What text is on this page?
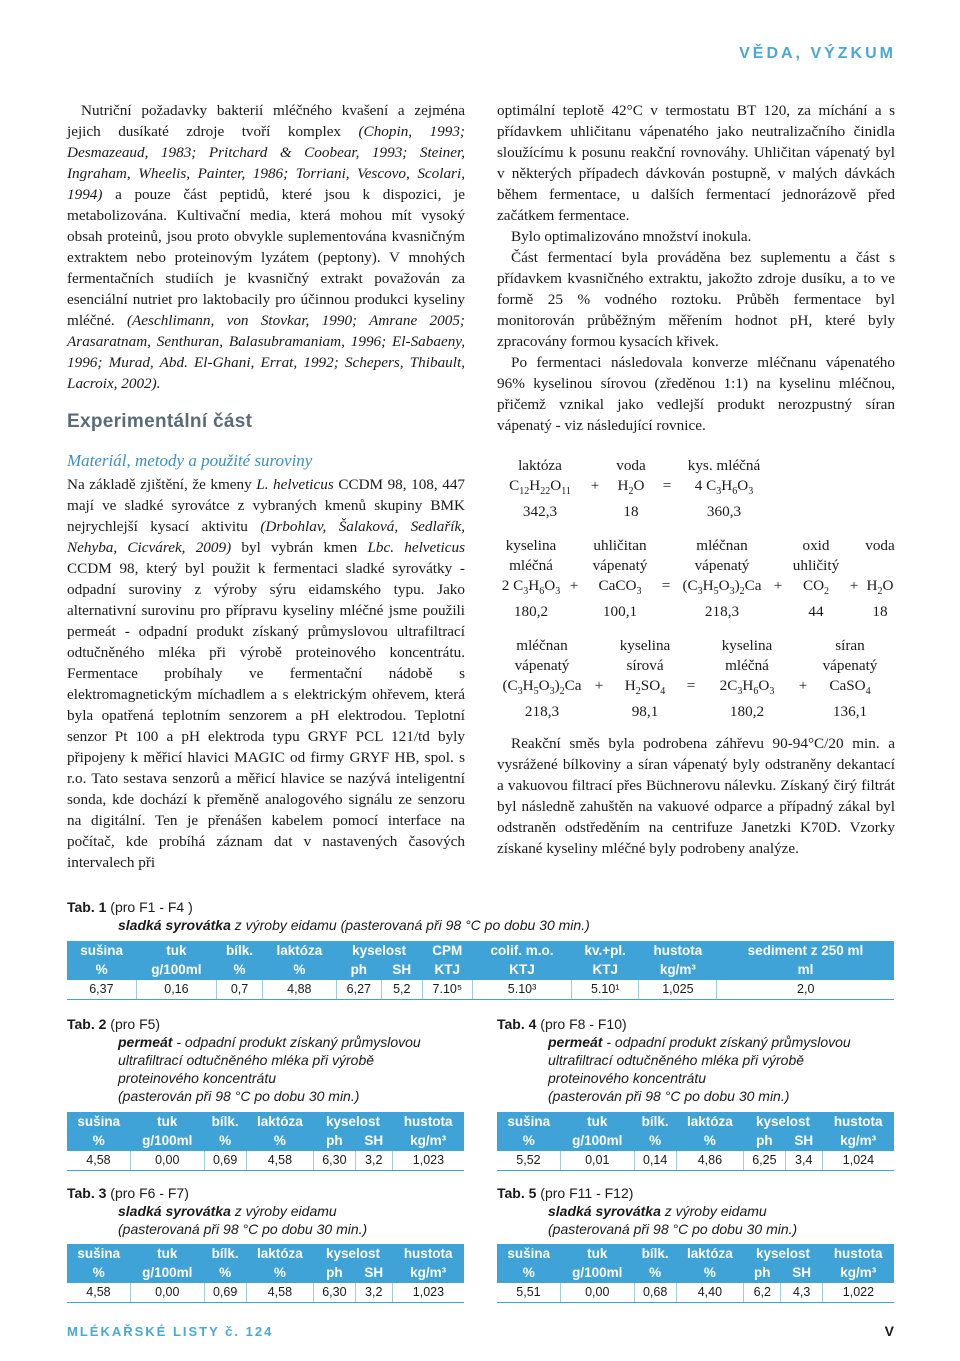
VĚDA, VÝZKUM

Nutriční požadavky bakterií mléčného kvašení a zejména jejich dusíkaté zdroje tvoří komplex (Chopin, 1993; Desmazeaud, 1983; Pritchard & Coobear, 1993; Steiner, Ingraham, Wheelis, Painter, 1986; Torriani, Vescovo, Scolari, 1994) a pouze část peptidů, které jsou k dispozici, je metabolizována. Kultivační media, která mohou mít vysoký obsah proteinů, jsou proto obvykle suplementována kvasničným extraktem nebo proteinovým lyzátem (peptony). V mnohých fermentačních studiích je kvasničný extrakt považován za esenciální nutriet pro laktobacily pro účinnou produkci kyseliny mléčné. (Aeschlimann, von Stovkar, 1990; Amrane 2005; Arasaratnam, Senthuran, Balasubramaniam, 1996; El-Sabaeny, 1996; Murad, Abd. El-Ghani, Errat, 1992; Schepers, Thibault, Lacroix, 2002).

Experimentální část
Materiál, metody a použité suroviny

Na základě zjištění, že kmeny L. helveticus CCDM 98, 108, 447 mají ve sladké syrovátce z vybraných kmenů skupiny BMK nejrychlejší kysací aktivitu (Drbohlav, Šalaková, Sedlařík, Nehyba, Cicvárek, 2009) byl vybrán kmen Lbc. helveticus CCDM 98, který byl použit k fermentaci sladké syrovátky - odpadní suroviny z výroby sýru eidamského typu. Jako alternativní surovinu pro přípravu kyseliny mléčné jsme použili permeát - odpadní produkt získaný průmyslovou ultrafiltrací odtučněného mléka při výrobě proteinového koncentrátu. Fermentace probíhaly ve fermentační nádobě s elektromagnetickým míchadlem a s elektrickým ohřevem, která byla opatřená teplotním senzorem a pH elektrodou. Teplotní senzor Pt 100 a pH elektroda typu GRYF PCL 121/td byly připojeny k měřicí hlavici MAGIC od firmy GRYF HB, spol. s r.o. Tato sestava senzorů a měřicí hlavice se nazývá inteligentní sonda, kde dochází k přeměně analogového signálu ze senzoru na digitální. Ten je přenášen kabelem pomocí interface na počítač, kde probíhá záznam dat v nastavených časových intervalech při

optimální teplotě 42°C v termostatu BT 120, za míchání a s přídavkem uhličitanu vápenatého jako neutralizačního činidla sloužícímu k posunu reakční rovnováhy. Uhličitan vápenatý byl v některých případech dávkován postupně, v malých dávkách během fermentace, u dalších fermentací jednorázově před začátkem fermentace.

Bylo optimalizováno množství inokula.

Část fermentací byla prováděna bez suplementu a část s přídavkem kvasničného extraktu, jakožto zdroje dusíku, a to ve formě 25 % vodného roztoku. Průběh fermentace byl monitorován průběžným měřením hodnot pH, které byly zpracovány formou kysacích křivek.

Po fermentaci následovala konverze mléčnanu vápenatého 96% kyselinou sírovou (zředěnou 1:1) na kyselinu mléčnou, přičemž vznikal jako vedlejší produkt nerozpustný síran vápenatý - viz následující rovnice.

laktóza	voda	kys. mléčná
$C_{12}H_{22}O_{11}$	+	$H_2O$	=	4 $C_3H_6O_3$
342,3	18	360,3
kyselina	uhličitan	mléčnan	oxid	voda
mléčná	vápenatý	vápenatý	uhličitý
2 $C_3H_6O_3$ +	CaCO$_3$	= $(C_3H_5O_3)_2Ca$ +	$CO_2$	+ $H_2O$
180,2	100,1	218,3	44	18
mléčnan	kyselina	kyselina	síran
vápenatý	sírová	mléčná	vápenatý
$(C_3H_5O_3)_2Ca$ +	$H_2SO_4$	=	$2C_3H_6O_3$	+	CaSO$_4$
218,3	98,1	180,2	136,1

Reakční směs byla podrobena záhřevu 90-94°C/20 min. a vysrážené bílkoviny a síran vápenatý byly odstraněny dekantací a vakuovou filtrací přes Büchnerovu nálevku. Získaný čirý filtrát byl následně zahuštěn na vakuové odparce a případný zákal byl odstraněn odstředěním na centrifuze Janetzki K70D. Vzorky získané kyseliny mléčné byly podrobeny analýze.

Tab. 1 (pro F1 - F4 )
sladká syrovátka z výroby eidamu (pasterovaná při 98 °C po dobu 30 min.)
sušina	tuk	bílk.	laktóza	kyselost		CPM	colif. m.o.	kv.+pl.	hustota	sediment z 250 ml
%	g/100ml	%	%	ph	SH	KTJ	KTJ	KTJ	kg/m³	ml
6,37	0,16	0,7	4,88	6,27	5,2	7.10⁵	5.10³	5.10¹	1,025	2,0
Tab. 2 (pro F5)
permeát - odpadní produkt získaný průmyslovou
ultrafiltrací odtučněného mléka při výrobě
proteinového koncentrátu
(pasterován při 98 °C po dobu 30 min.)
sušina	tuk	bílk.	laktóza	kyselost		hustota
%	g/100ml	%	%	ph	SH	kg/m³
4,58	0,00	0,69	4,58	6,30	3,2	1,023
Tab. 3 (pro F6 - F7)
sladká syrovátka z výroby eidamu
(pasterovaná při 98 °C po dobu 30 min.)
sušina	tuk	bílk.	laktóza	kyselost		hustota
%	g/100ml	%	%	ph	SH	kg/m³
4,58	0,00	0,69	4,58	6,30	3,2	1,023
Tab. 4 (pro F8 - F10)
permeát - odpadní produkt získaný průmyslovou
ultrafiltrací odtučněného mléka při výrobě
proteinového koncentrátu
(pasterován při 98 °C po dobu 30 min.)
sušina	tuk	bílk.	laktóza	kyselost		hustota
%	g/100ml	%	%	ph	SH	kg/m³
5,52	0,01	0,14	4,86	6,25	3,4	1,024
Tab. 5 (pro F11 - F12)
sladká syrovátka z výroby eidamu
(pasterovaná při 98 °C po dobu 30 min.)
sušina	tuk	bílk.	laktóza	kyselost		hustota
%	g/100ml	%	%	ph	SH	kg/m³
5,51	0,00	0,68	4,40	6,2	4,3	1,022
MLÉKAŘSKÉ LISTY č. 124	V
